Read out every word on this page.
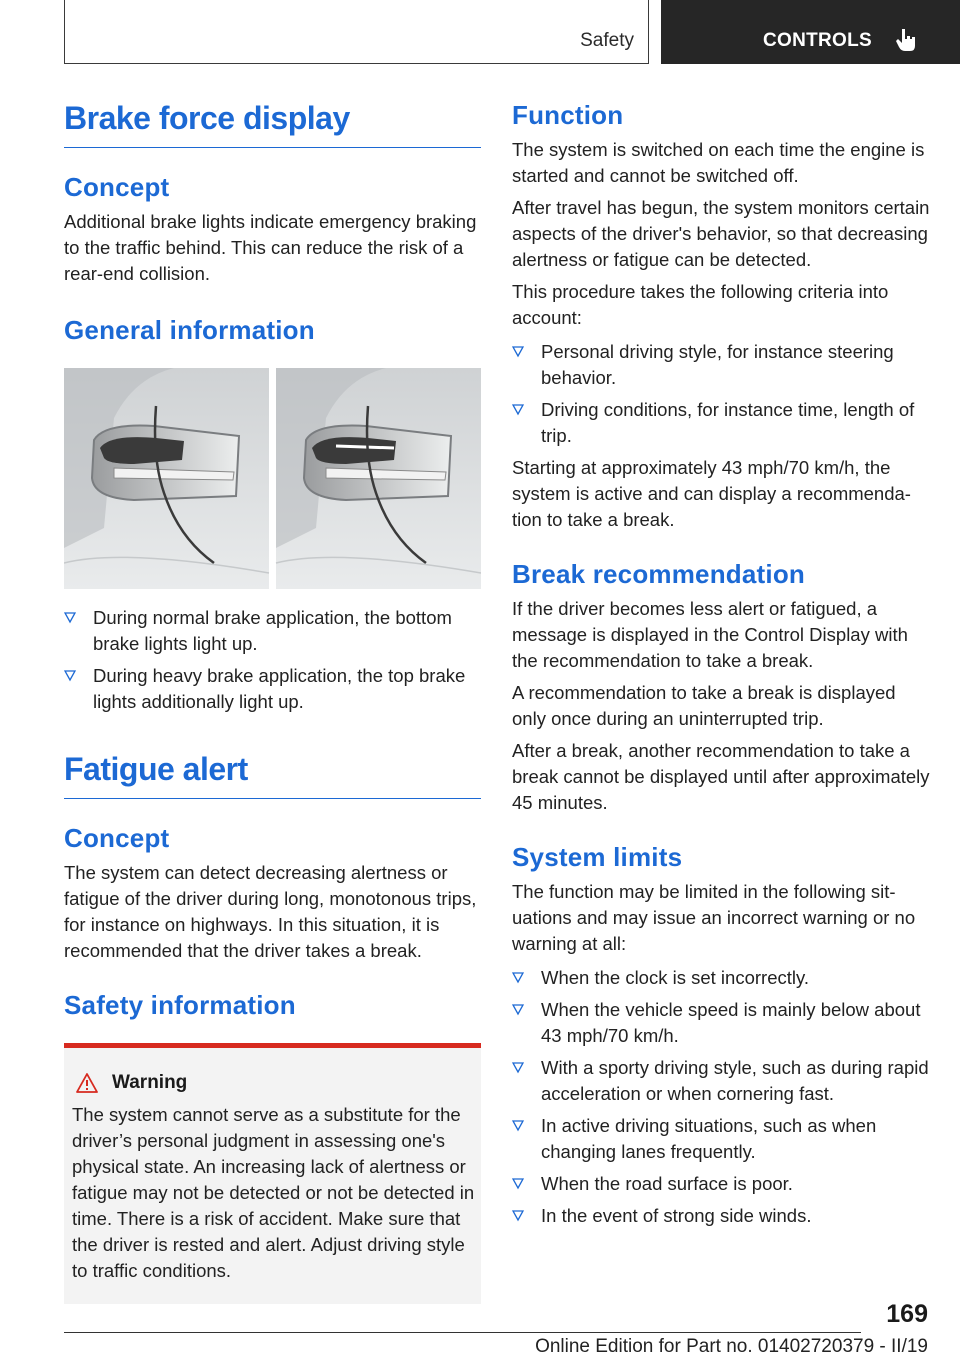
Safety	CONTROLS
Brake force display
Concept

Additional brake lights indicate emergency braking to the traffic behind. This can reduce the risk of a rear-end collision.

General information
During normal brake application, the bottom brake lights light up.
During heavy brake application, the top brake lights additionally light up.
Fatigue alert
Concept

The system can detect decreasing alertness or fatigue of the driver during long, monotonous trips, for instance on highways. In this situation, it is recommended that the driver takes a break.

Safety information
Warning

The system cannot serve as a substitute for the driver’s personal judgment in assessing one's physical state. An increasing lack of alertness or fatigue may not be detected or not be detected in time. There is a risk of accident. Make sure that the driver is rested and alert. Adjust driving style to traffic conditions.

Function

The system is switched on each time the engine is started and cannot be switched off.

After travel has begun, the system monitors certain aspects of the driver's behavior, so that decreasing alertness or fatigue can be detected.

This procedure takes the following criteria into account:

Personal driving style, for instance steering behavior.
Driving conditions, for instance time, length of trip.

Starting at approximately 43 mph/70 km/h, the system is active and can display a recommendation to take a break.

Break recommendation

If the driver becomes less alert or fatigued, a message is displayed in the Control Display with the recommendation to take a break.

A recommendation to take a break is displayed only once during an uninterrupted trip.

After a break, another recommendation to take a break cannot be displayed until after approximately 45 minutes.

System limits

The function may be limited in the following situations and may issue an incorrect warning or no warning at all:

When the clock is set incorrectly.
When the vehicle speed is mainly below about 43 mph/70 km/h.
With a sporty driving style, such as during rapid acceleration or when cornering fast.
In active driving situations, such as when changing lanes frequently.
When the road surface is poor.
In the event of strong side winds.
169
Online Edition for Part no. 01402720379 - II/19
